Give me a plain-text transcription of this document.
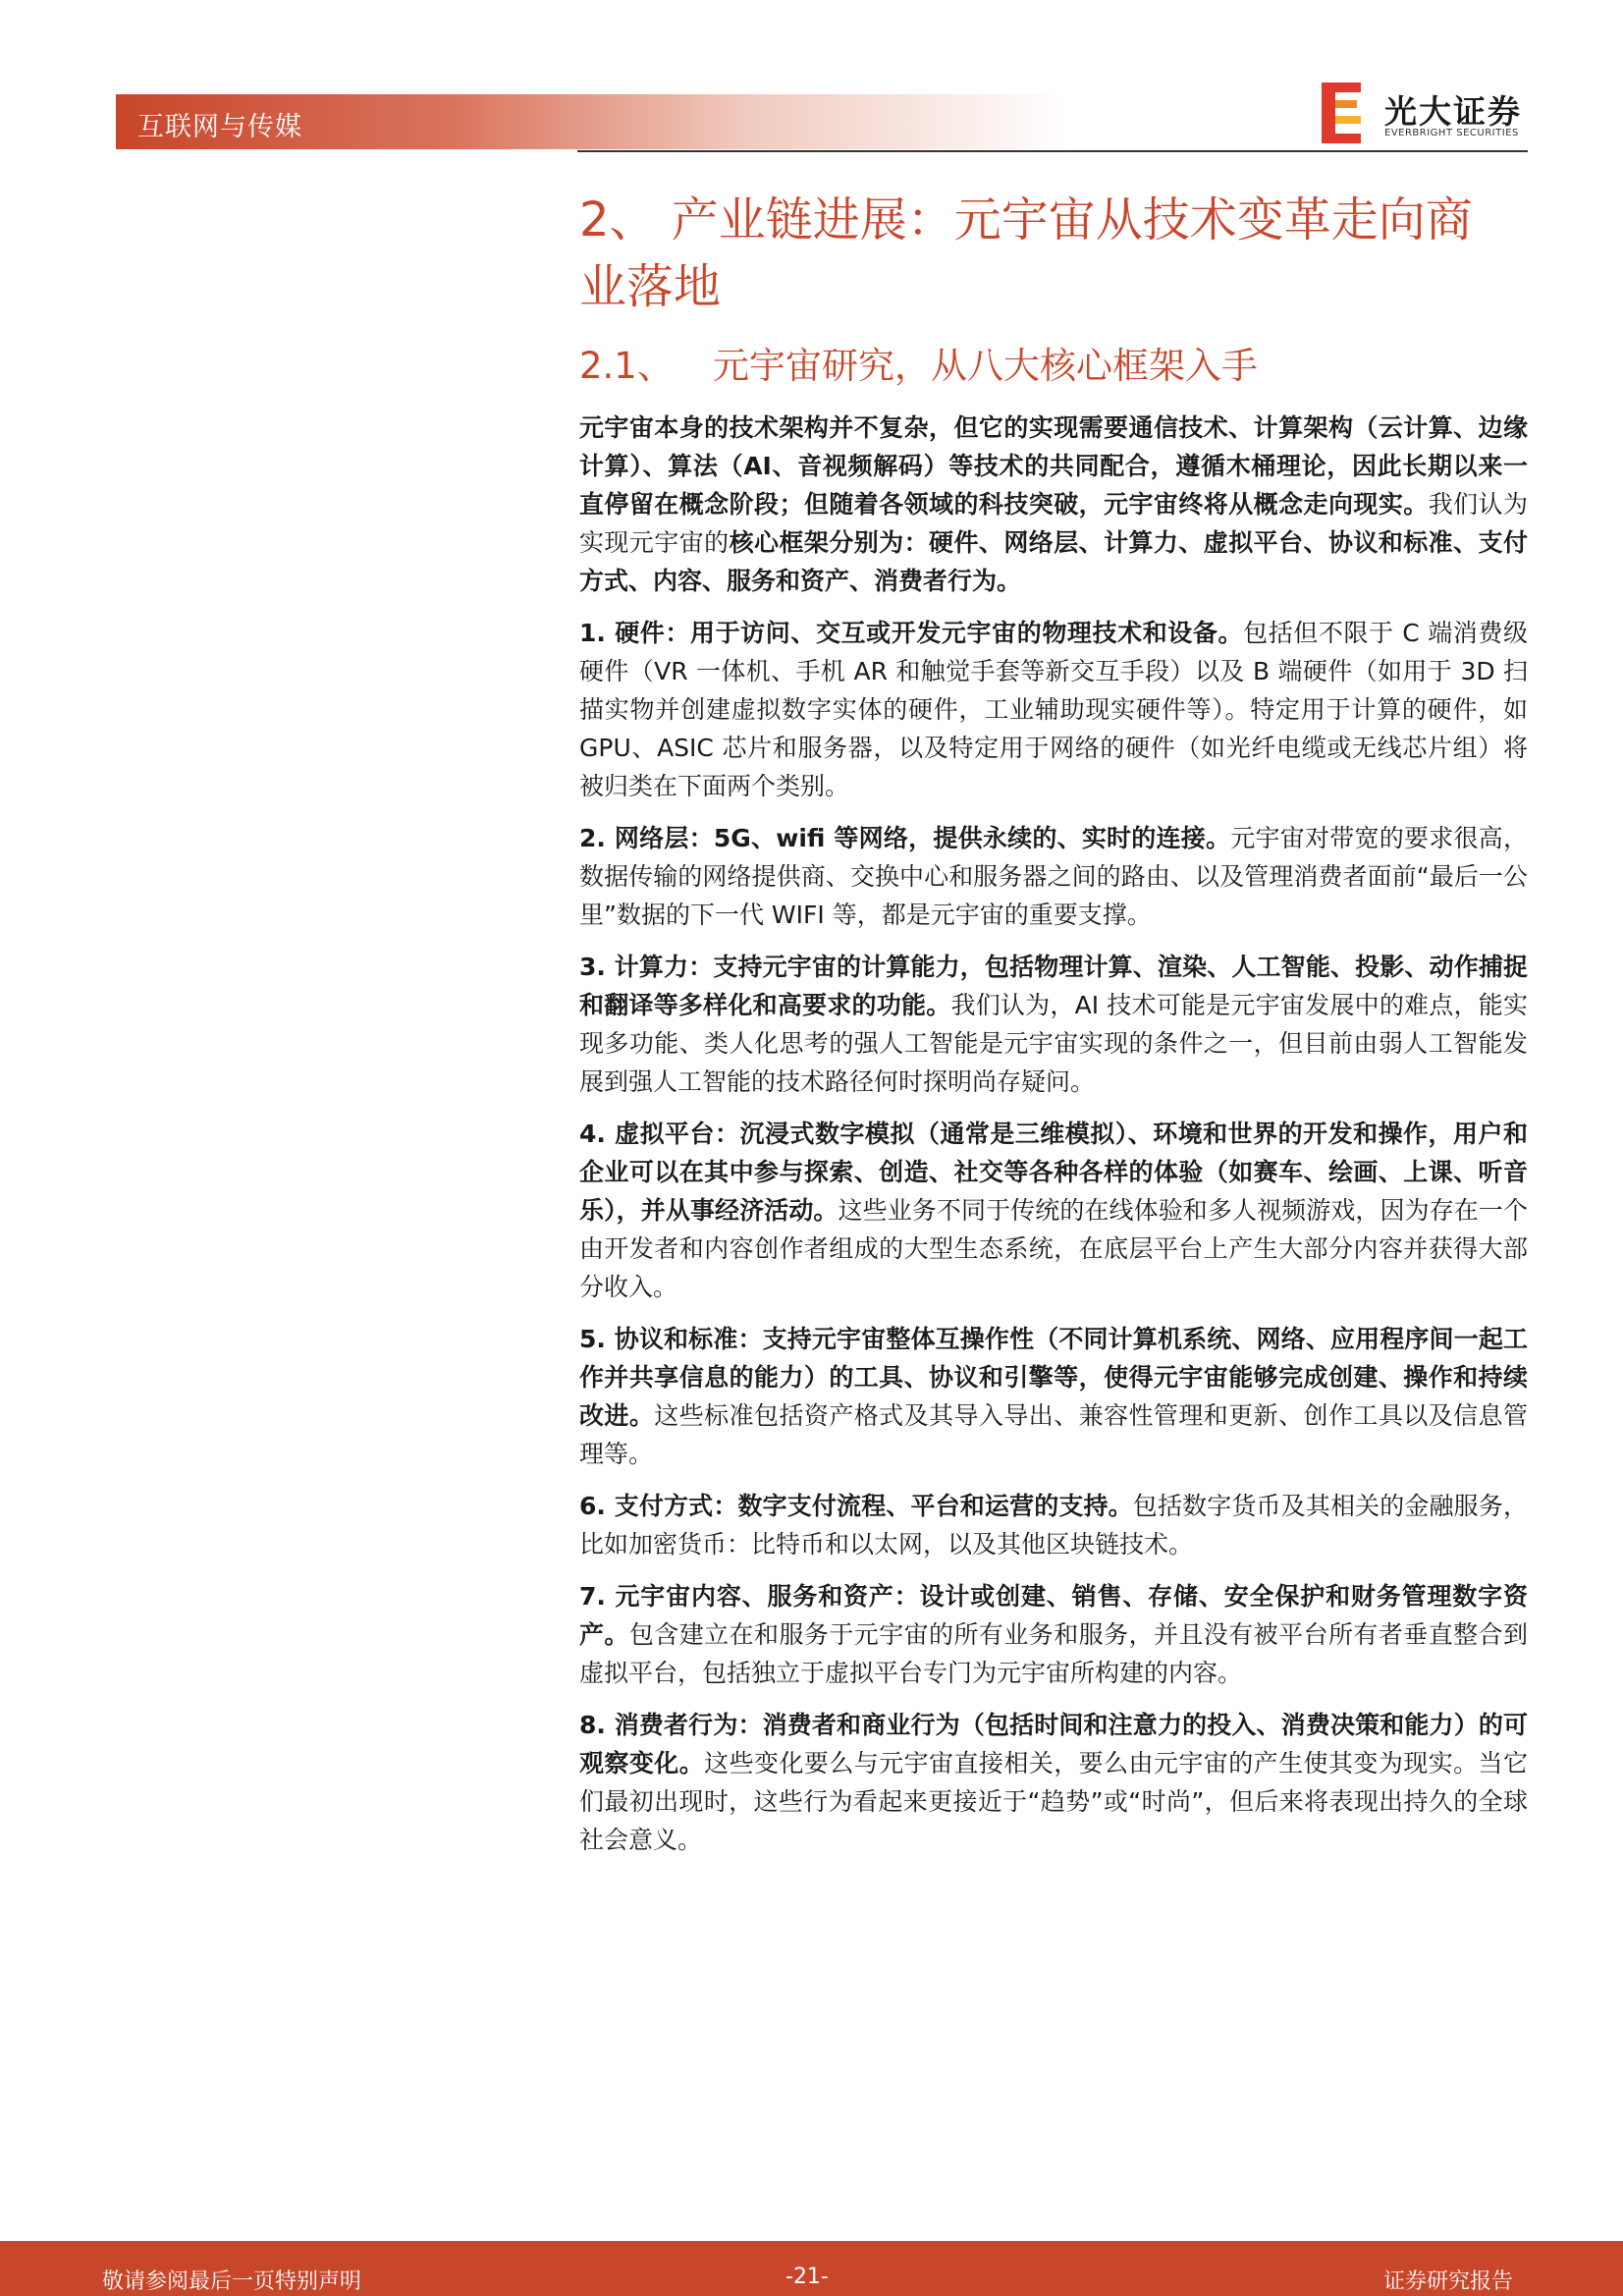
互联网与传媒	光大证券
EVERBRIGHT SECURITIES
2、 产业链进展：元宇宙从技术变革走向商
业落地
2.1、 元宇宙研究，从八大核心框架入手

元宇宙本身的技术架构并不复杂，但它的实现需要通信技术、计算架构（云计算、边缘计算）、算法（AI、音视频解码）等技术的共同配合，遵循木桶理论，因此长期以来一直停留在概念阶段；但随着各领域的科技突破，元宇宙终将从概念走向现实。我们认为实现元宇宙的核心框架分别为：硬件、网络层、计算力、虚拟平台、协议和标准、支付方式、内容、服务和资产、消费者行为。

1. 硬件：用于访问、交互或开发元宇宙的物理技术和设备。包括但不限于 C 端消费级硬件（VR 一体机、手机 AR 和触觉手套等新交互手段）以及 B 端硬件（如用于 3D 扫描实物并创建虚拟数字实体的硬件，工业辅助现实硬件等）。特定用于计算的硬件，如 GPU、ASIC 芯片和服务器，以及特定用于网络的硬件（如光纤电缆或无线芯片组）将被归类在下面两个类别。

2. 网络层：5G、wifi 等网络，提供永续的、实时的连接。元宇宙对带宽的要求很高，数据传输的网络提供商、交换中心和服务器之间的路由、以及管理消费者面前“最后一公里”数据的下一代 WIFI 等，都是元宇宙的重要支撑。

3. 计算力：支持元宇宙的计算能力，包括物理计算、渲染、人工智能、投影、动作捕捉和翻译等多样化和高要求的功能。我们认为，AI 技术可能是元宇宙发展中的难点，能实现多功能、类人化思考的强人工智能是元宇宙实现的条件之一，但目前由弱人工智能发展到强人工智能的技术路径何时探明尚存疑问。

4. 虚拟平台：沉浸式数字模拟（通常是三维模拟）、环境和世界的开发和操作，用户和企业可以在其中参与探索、创造、社交等各种各样的体验（如赛车、绘画、上课、听音乐），并从事经济活动。这些业务不同于传统的在线体验和多人视频游戏，因为存在一个由开发者和内容创作者组成的大型生态系统，在底层平台上产生大部分内容并获得大部分收入。

5. 协议和标准：支持元宇宙整体互操作性（不同计算机系统、网络、应用程序间一起工作并共享信息的能力）的工具、协议和引擎等，使得元宇宙能够完成创建、操作和持续改进。这些标准包括资产格式及其导入导出、兼容性管理和更新、创作工具以及信息管理等。

6. 支付方式：数字支付流程、平台和运营的支持。包括数字货币及其相关的金融服务，比如加密货币：比特币和以太网，以及其他区块链技术。

7. 元宇宙内容、服务和资产：设计或创建、销售、存储、安全保护和财务管理数字资产。包含建立在和服务于元宇宙的所有业务和服务，并且没有被平台所有者垂直整合到虚拟平台，包括独立于虚拟平台专门为元宇宙所构建的内容。

8. 消费者行为：消费者和商业行为（包括时间和注意力的投入、消费决策和能力）的可观察变化。这些变化要么与元宇宙直接相关，要么由元宇宙的产生使其变为现实。当它们最初出现时，这些行为看起来更接近于“趋势”或“时尚”，但后来将表现出持久的全球社会意义。

敬请参阅最后一页特别声明	-21-	证券研究报告
